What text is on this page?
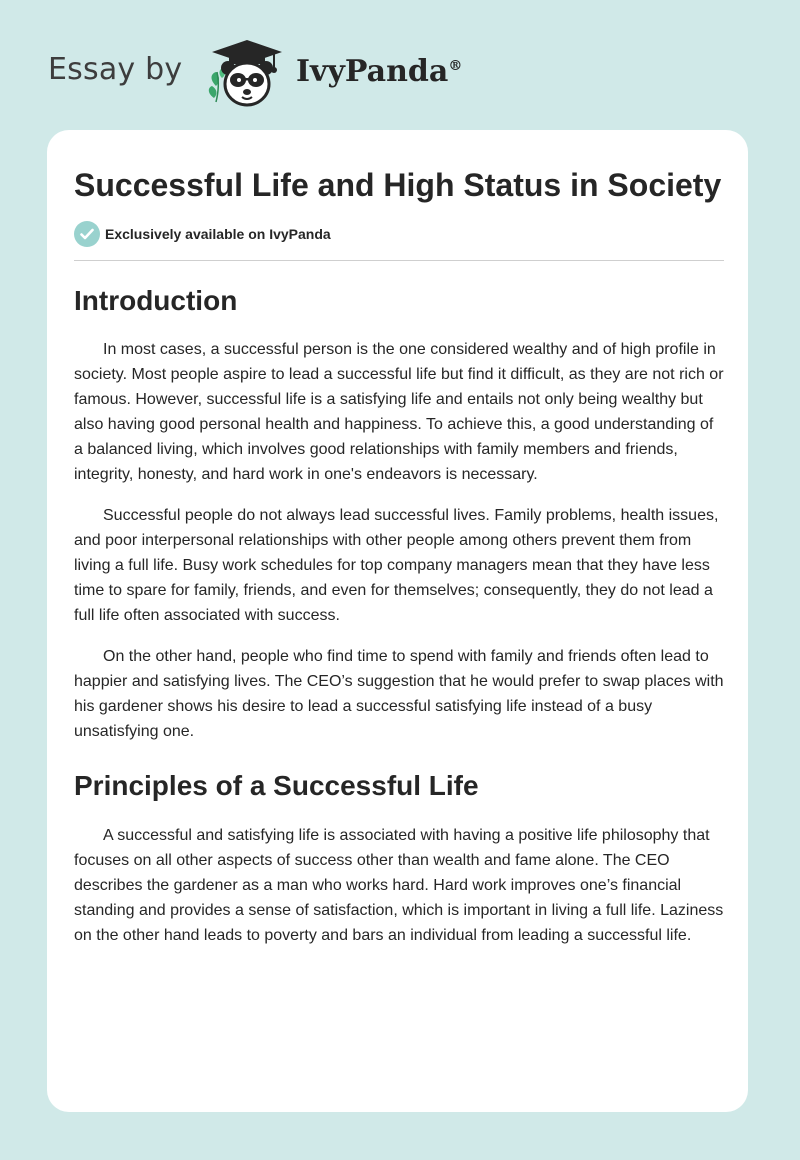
Essay by	IvyPanda®
Successful Life and High Status in Society
Exclusively available on IvyPanda
Introduction

In most cases, a successful person is the one considered wealthy and of high profile in society. Most people aspire to lead a successful life but find it difficult, as they are not rich or famous. However, successful life is a satisfying life and entails not only being wealthy but also having good personal health and happiness. To achieve this, a good understanding of a balanced living, which involves good relationships with family members and friends, integrity, honesty, and hard work in one's endeavors is necessary.

Successful people do not always lead successful lives. Family problems, health issues, and poor interpersonal relationships with other people among others prevent them from living a full life. Busy work schedules for top company managers mean that they have less time to spare for family, friends, and even for themselves; consequently, they do not lead a full life often associated with success.

On the other hand, people who find time to spend with family and friends often lead to happier and satisfying lives. The CEO’s suggestion that he would prefer to swap places with his gardener shows his desire to lead a successful satisfying life instead of a busy unsatisfying one.

Principles of a Successful Life

A successful and satisfying life is associated with having a positive life philosophy that focuses on all other aspects of success other than wealth and fame alone. The CEO describes the gardener as a man who works hard. Hard work improves one’s financial standing and provides a sense of satisfaction, which is important in living a full life. Laziness on the other hand leads to poverty and bars an individual from leading a successful life.
